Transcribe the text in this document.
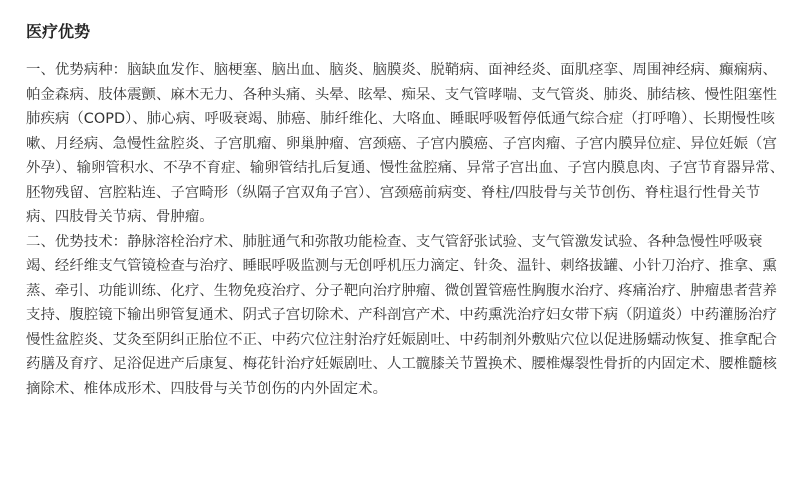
医疗优势

一、优势病种：脑缺血发作、脑梗塞、脑出血、脑炎、脑膜炎、脱鞘病、面神经炎、面肌痉挛、周围神经病、癫痫病、帕金森病、肢体震颤、麻木无力、各种头痛、头晕、眩晕、痴呆、支气管哮喘、支气管炎、肺炎、肺结核、慢性阻塞性肺疾病（COPD）、肺心病、呼吸衰竭、肺癌、肺纤维化、大咯血、睡眠呼吸暂停低通气综合症（打呼噜）、长期慢性咳嗽、月经病、急慢性盆腔炎、子宫肌瘤、卵巢肿瘤、宫颈癌、子宫内膜癌、子宫肉瘤、子宫内膜异位症、异位妊娠（宫外孕）、输卵管积水、不孕不育症、输卵管结扎后复通、慢性盆腔痛、异常子宫出血、子宫内膜息肉、子宫节育器异常、胚物残留、宫腔粘连、子宫畸形（纵隔子宫双角子宫）、宫颈癌前病变、脊柱/四肢骨与关节创伤、脊柱退行性骨关节病、四肢骨关节病、骨肿瘤。

二、优势技术：静脉溶栓治疗术、肺脏通气和弥散功能检查、支气管舒张试验、支气管激发试验、各种急慢性呼吸衰竭、经纤维支气管镜检查与治疗、睡眠呼吸监测与无创呼机压力滴定、针灸、温针、刺络拔罐、小针刀治疗、推拿、熏蒸、牵引、功能训练、化疗、生物免疫治疗、分子靶向治疗肿瘤、微创置管癌性胸腹水治疗、疼痛治疗、肿瘤患者营养支持、腹腔镜下输出卵管复通术、阴式子宫切除术、产科剖宫产术、中药熏洗治疗妇女带下病（阴道炎）中药灌肠治疗慢性盆腔炎、艾灸至阴纠正胎位不正、中药穴位注射治疗妊娠剧吐、中药制剂外敷贴穴位以促进肠蠕动恢复、推拿配合药膳及育疗、足浴促进产后康复、梅花针治疗妊娠剧吐、人工髋膝关节置换术、腰椎爆裂性骨折的内固定术、腰椎髓核摘除术、椎体成形术、四肢骨与关节创伤的内外固定术。
